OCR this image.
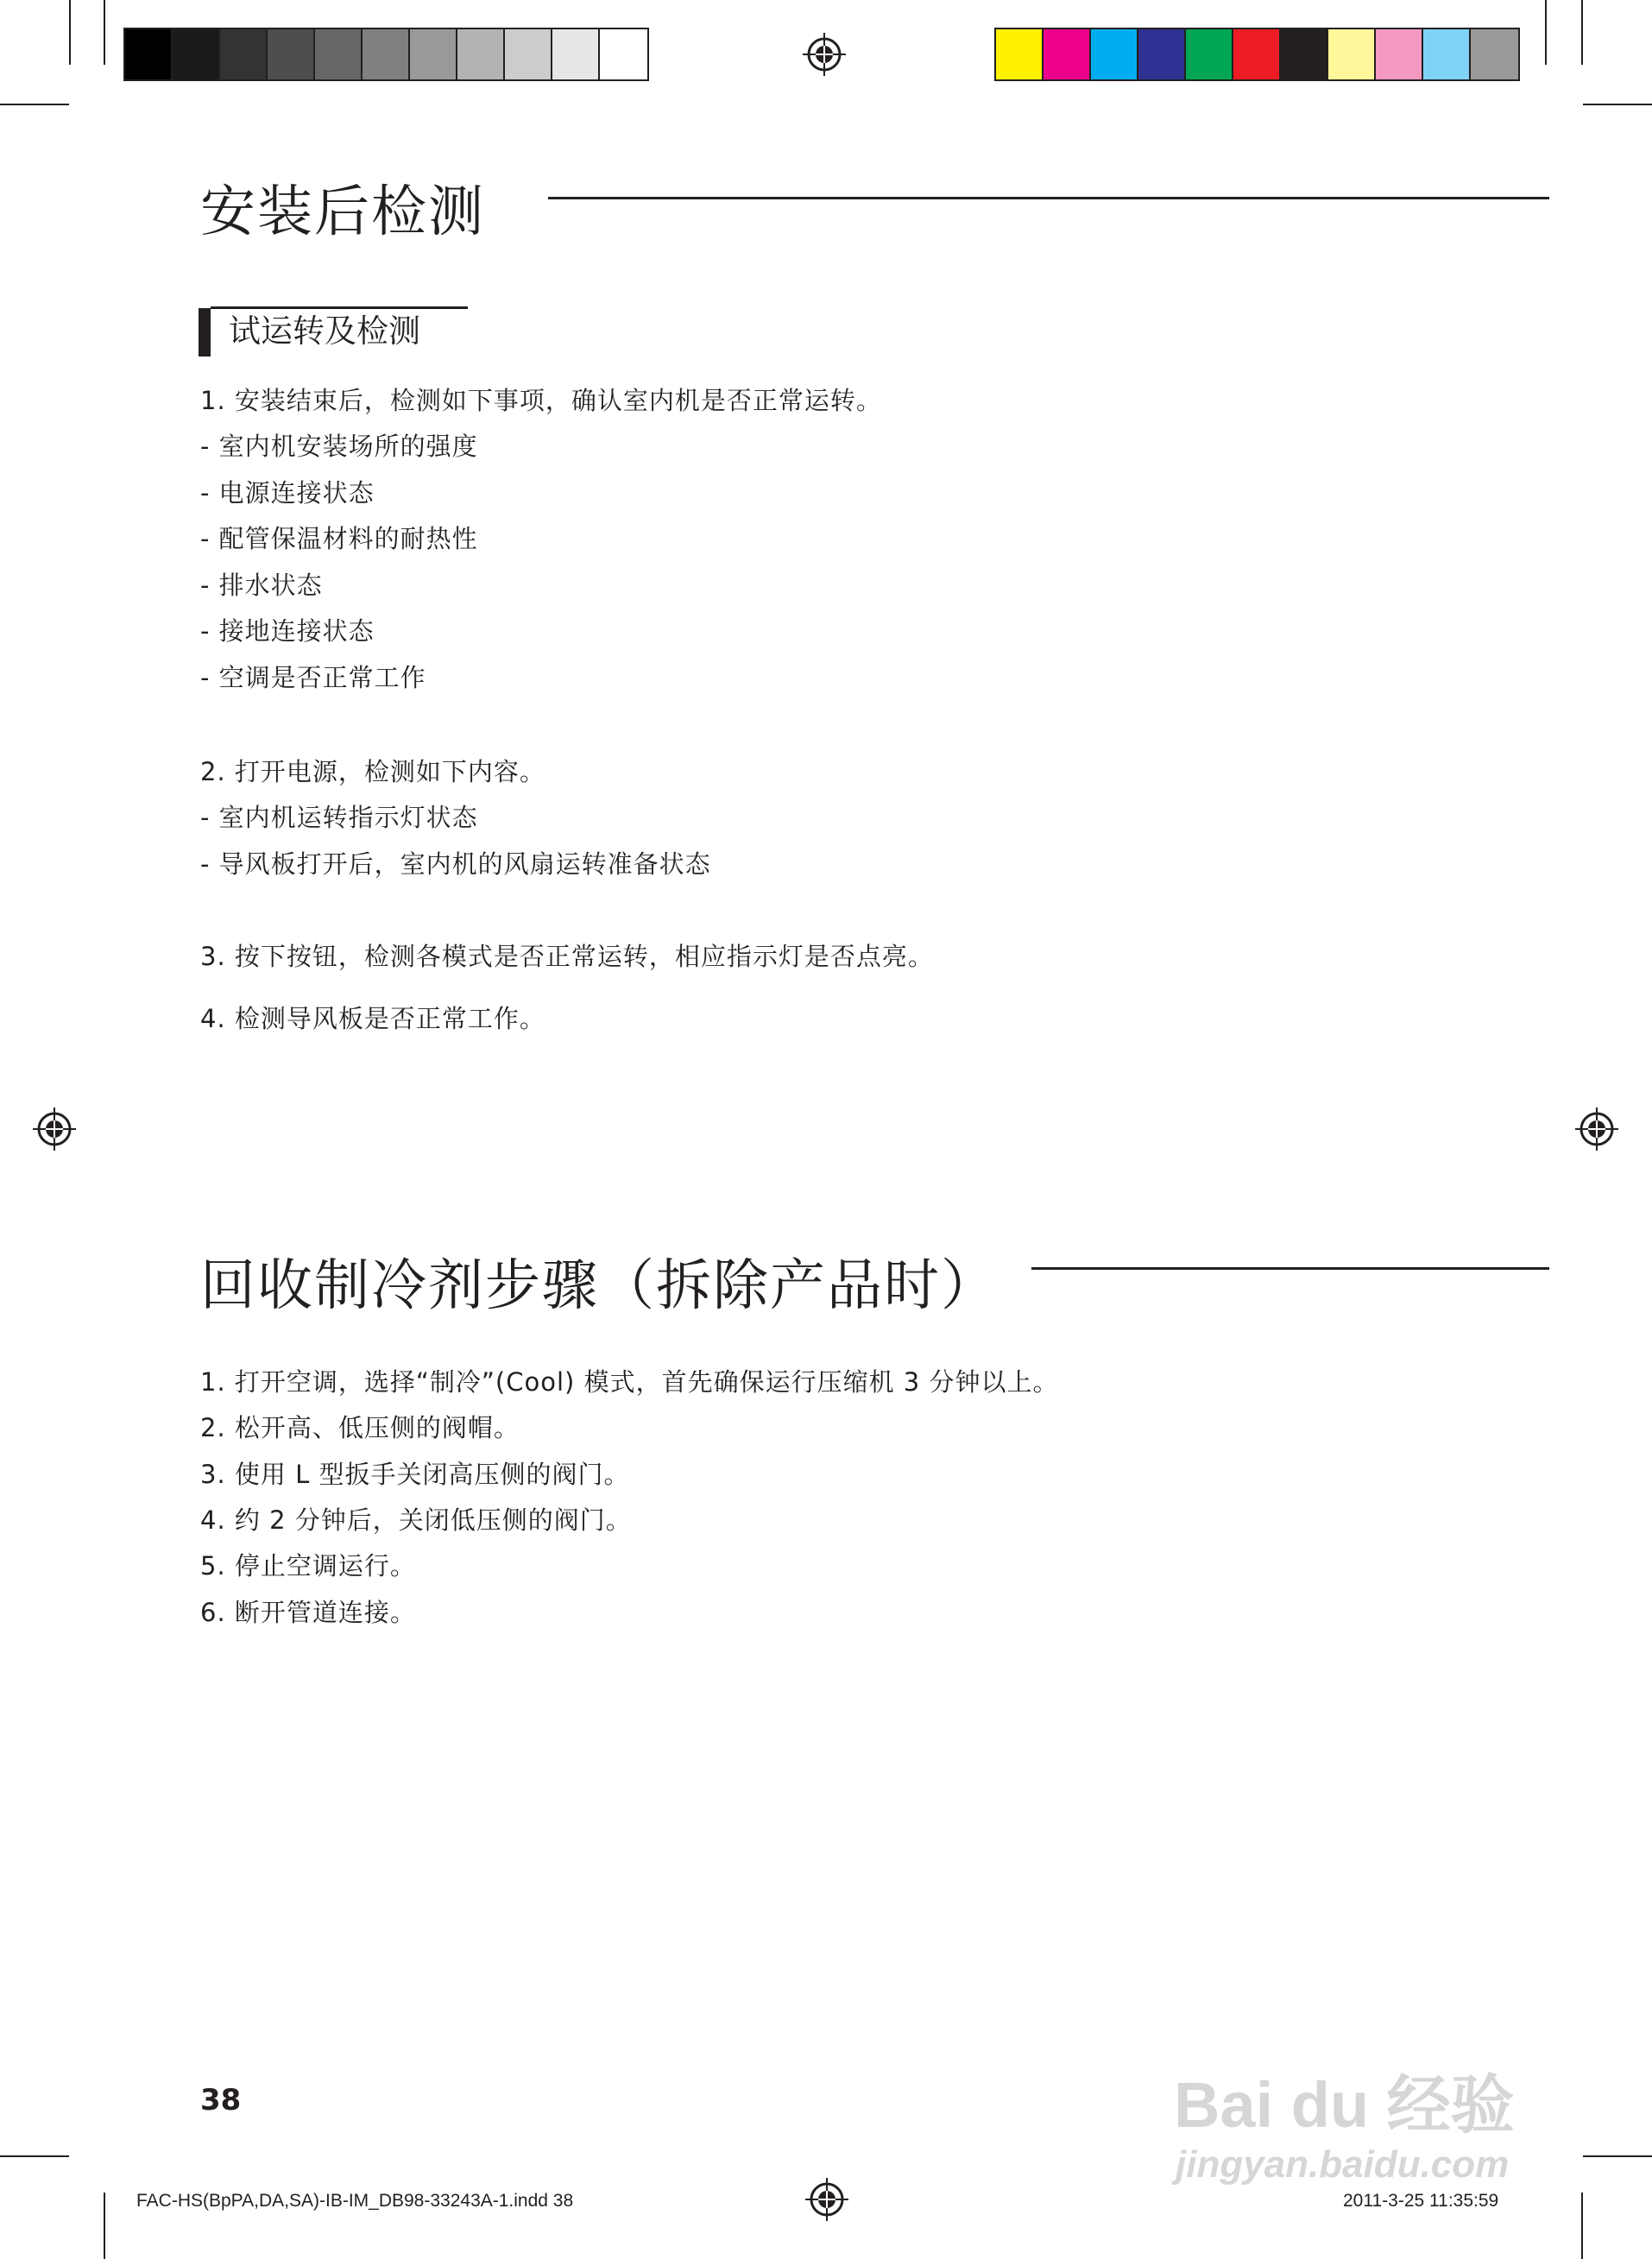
安装后检测
试运转及检测
1. 安装结束后，检测如下事项，确认室内机是否正常运转。
- 室内机安装场所的强度
- 电源连接状态
- 配管保温材料的耐热性
- 排水状态
- 接地连接状态
- 空调是否正常工作
2. 打开电源，检测如下内容。
- 室内机运转指示灯状态
- 导风板打开后，室内机的风扇运转准备状态
3. 按下按钮，检测各模式是否正常运转，相应指示灯是否点亮。
4. 检测导风板是否正常工作。
回收制冷剂步骤（拆除产品时）
1. 打开空调，选择“制冷”(Cool) 模式，首先确保运行压缩机 3 分钟以上。
2. 松开高、低压侧的阀帽。
3. 使用 L 型扳手关闭高压侧的阀门。
4. 约 2 分钟后，关闭低压侧的阀门。
5. 停止空调运行。
6. 断开管道连接。
38
FAC-HS(BpPA,DA,SA)-IB-IM_DB98-33243A-1.indd 38	2011-3-25 11:35:59
Bai du 经验
jingyan.baidu.com
